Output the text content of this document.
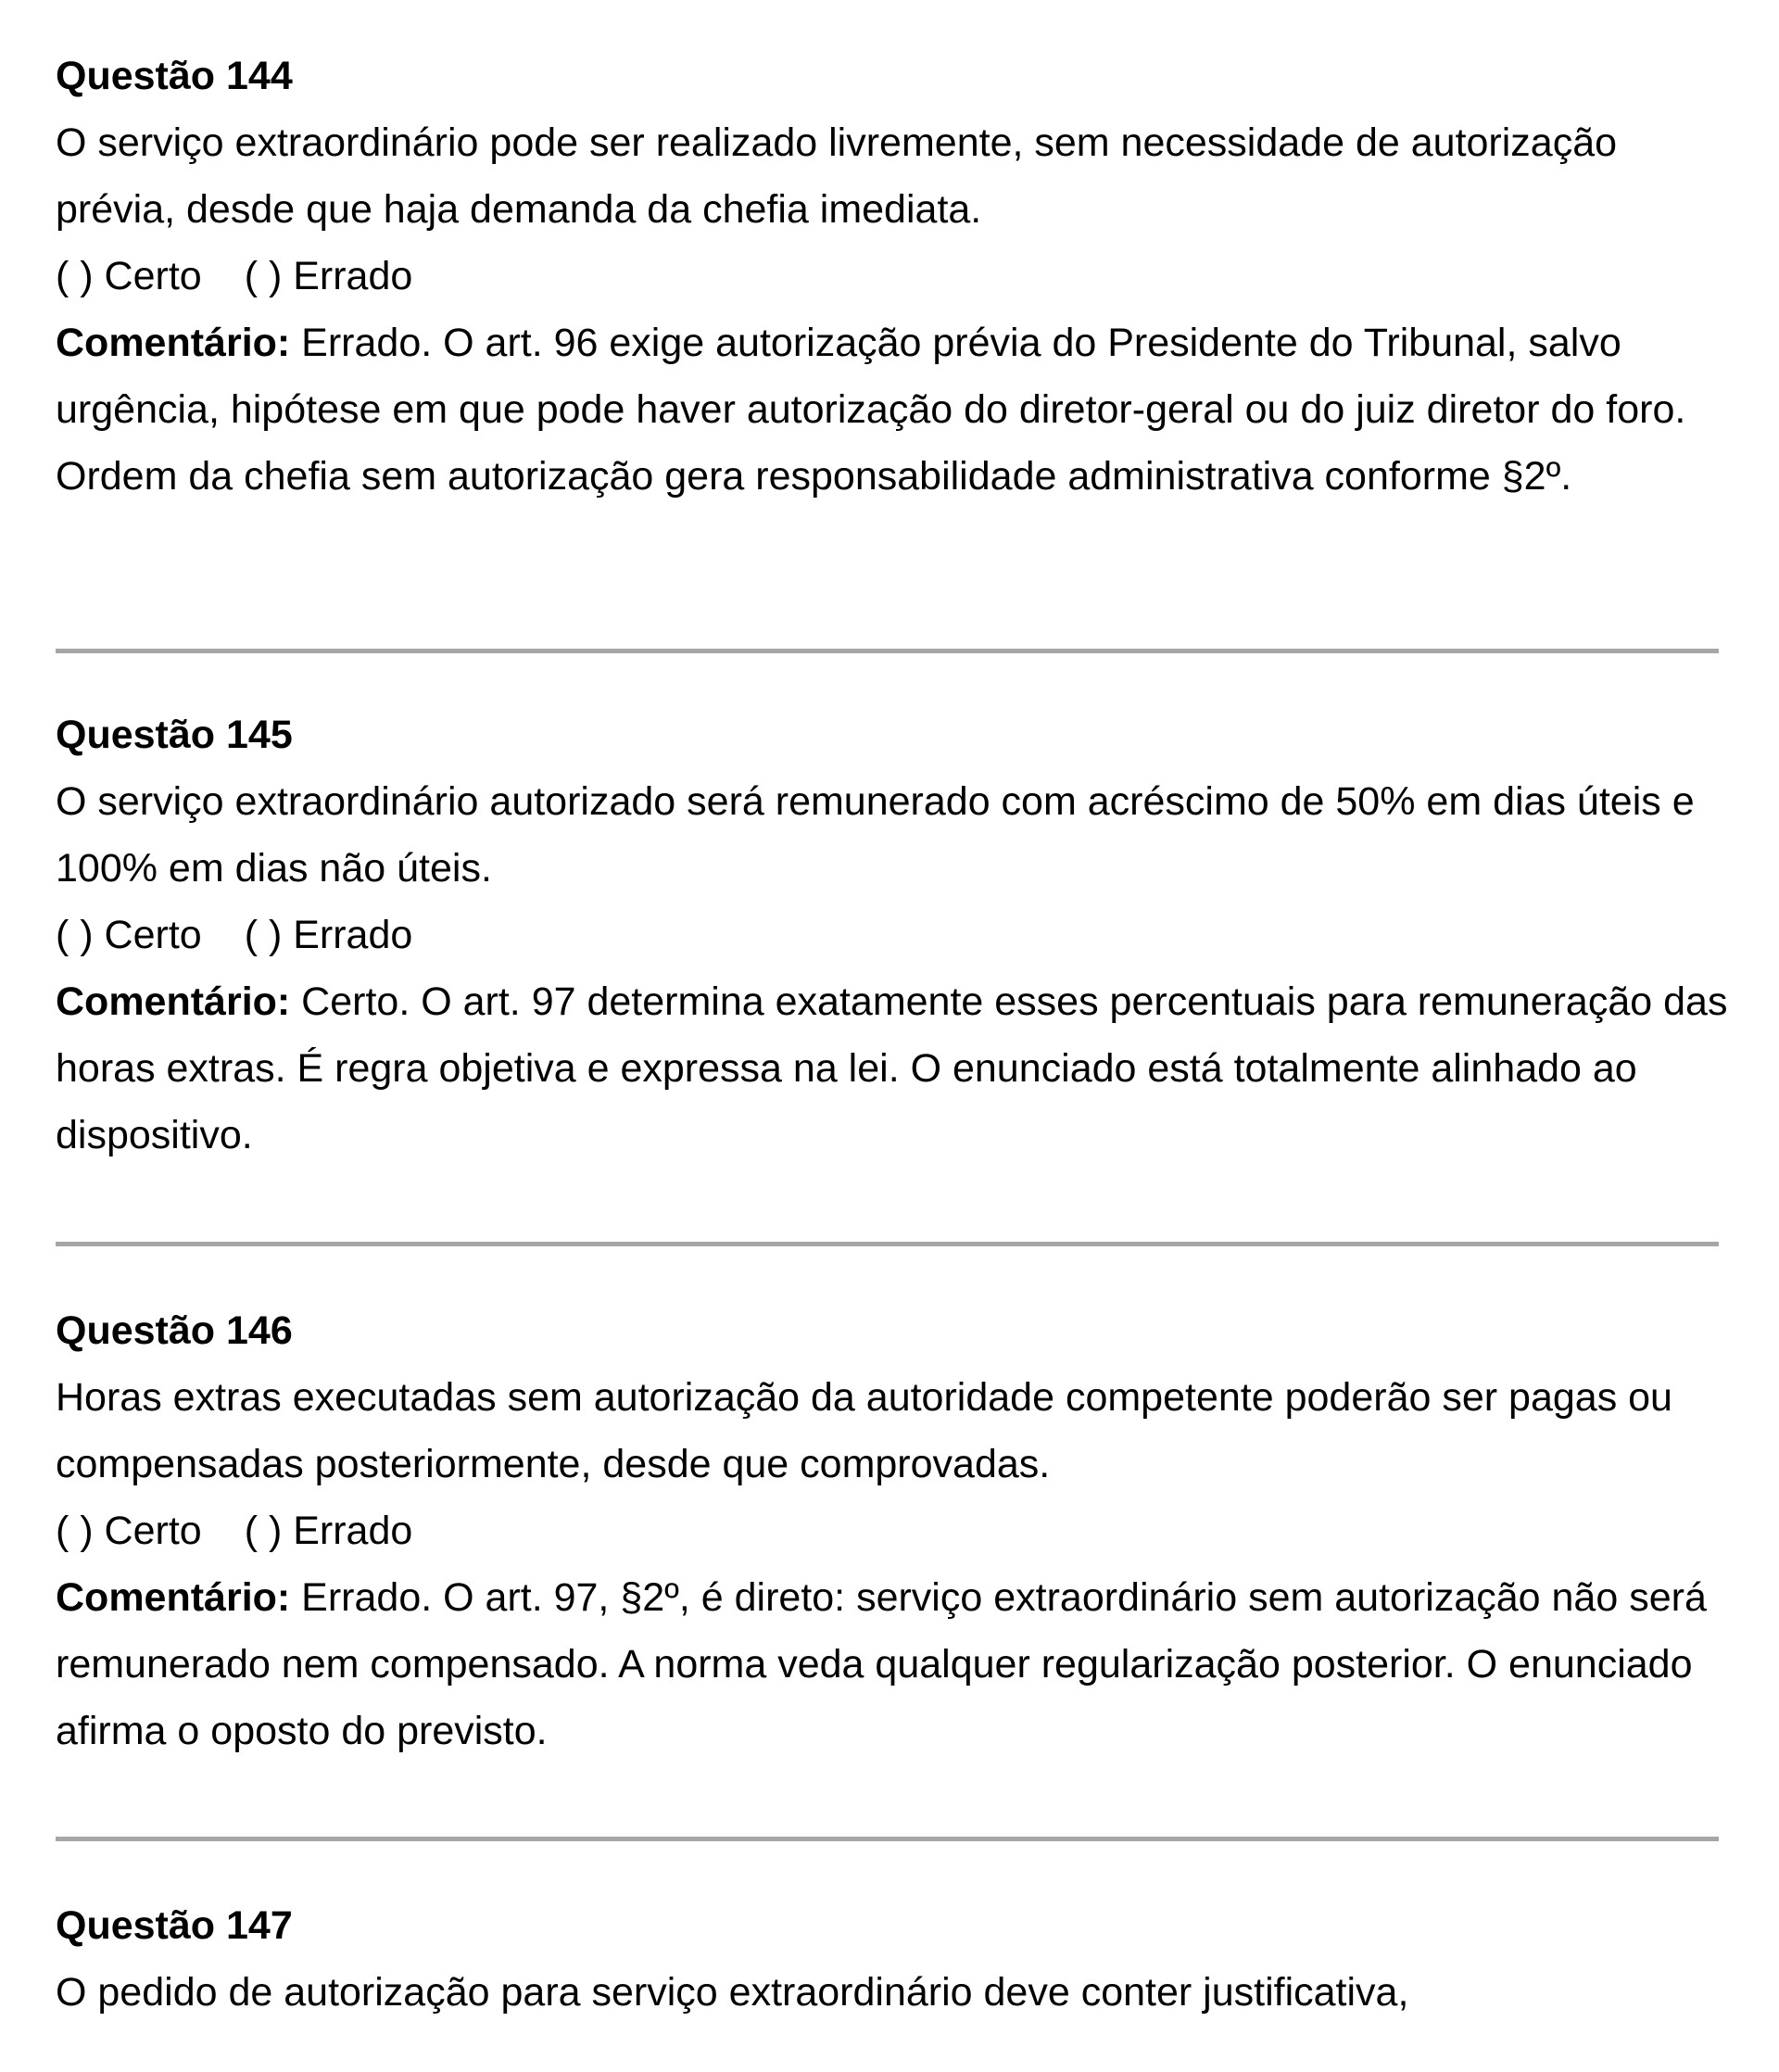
Questão 144

O serviço extraordinário pode ser realizado livremente, sem necessidade de autorização prévia, desde que haja demanda da chefia imediata.

( ) Certo ( ) Errado

Comentário: Errado. O art. 96 exige autorização prévia do Presidente do Tribunal, salvo urgência, hipótese em que pode haver autorização do diretor-geral ou do juiz diretor do foro. Ordem da chefia sem autorização gera responsabilidade administrativa conforme §2º.

Questão 145

O serviço extraordinário autorizado será remunerado com acréscimo de 50% em dias úteis e 100% em dias não úteis.

( ) Certo ( ) Errado

Comentário: Certo. O art. 97 determina exatamente esses percentuais para remuneração das horas extras. É regra objetiva e expressa na lei. O enunciado está totalmente alinhado ao dispositivo.

Questão 146

Horas extras executadas sem autorização da autoridade competente poderão ser pagas ou compensadas posteriormente, desde que comprovadas.

( ) Certo ( ) Errado

Comentário: Errado. O art. 97, §2º, é direto: serviço extraordinário sem autorização não será remunerado nem compensado. A norma veda qualquer regularização posterior. O enunciado afirma o oposto do previsto.

Questão 147

O pedido de autorização para serviço extraordinário deve conter justificativa,
